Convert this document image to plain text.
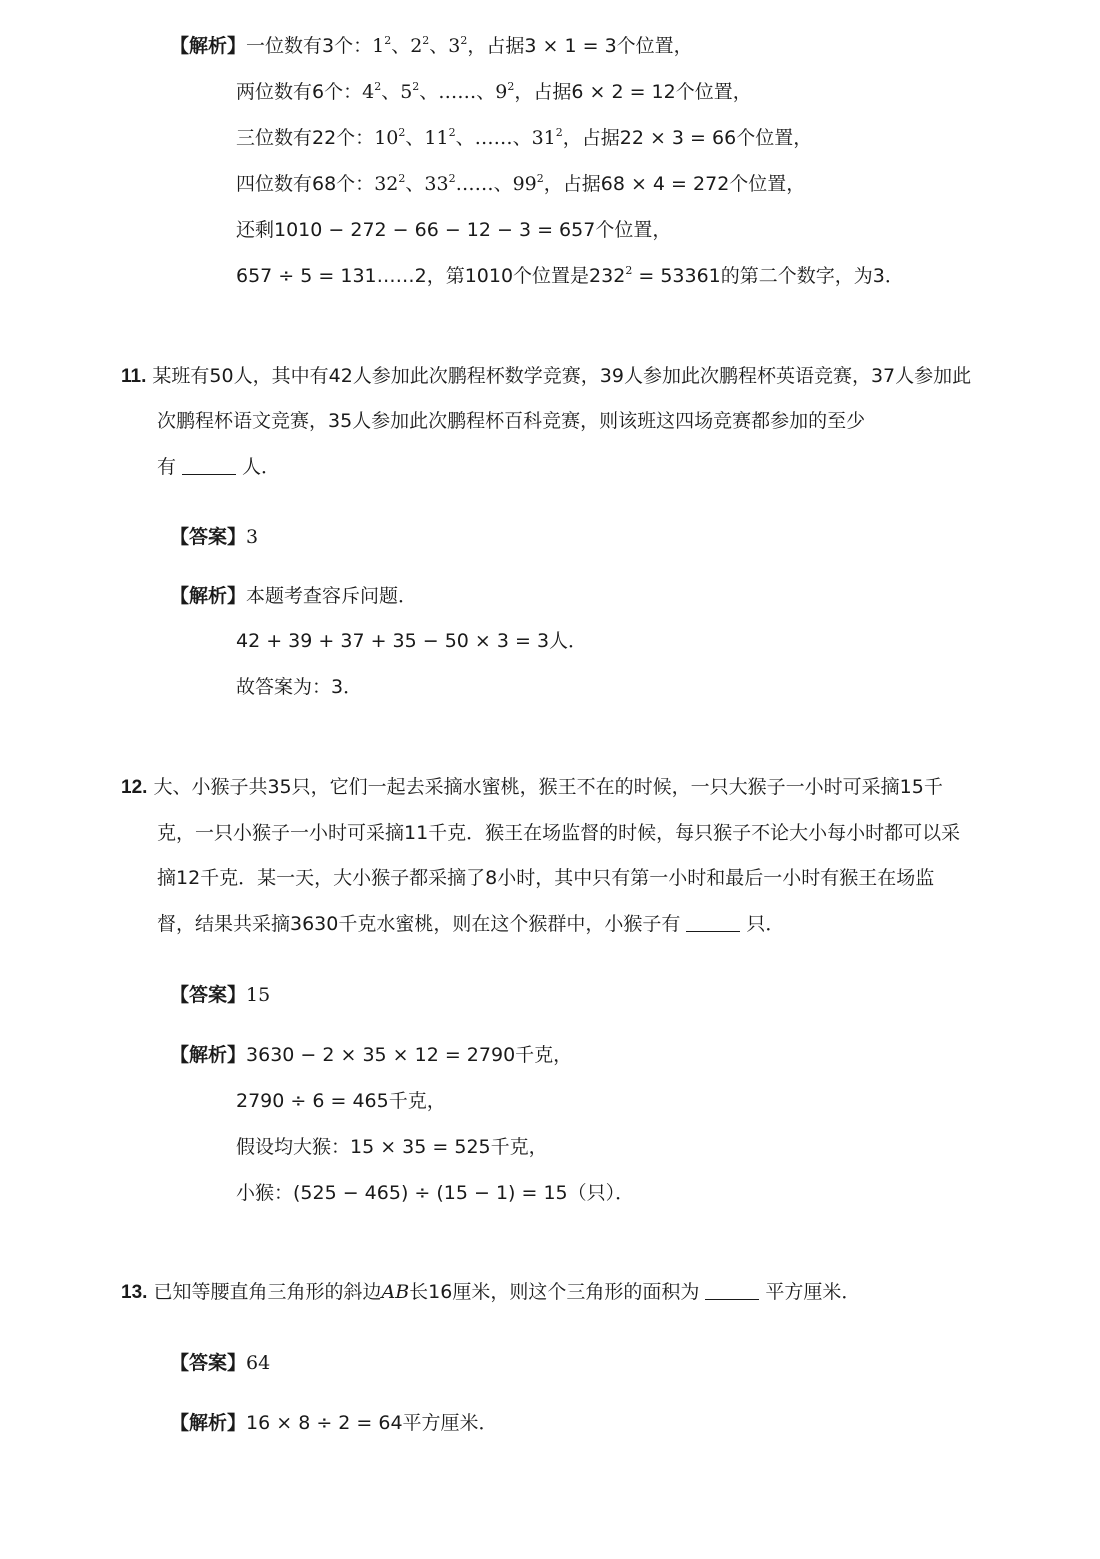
【解析】一位数有3个：$1^2$、$2^2$、$3^2$，占据3 × 1 = 3个位置，
两位数有6个：$4^2$、$5^2$、……、$9^2$，占据6 × 2 = 12个位置，
三位数有22个：$10^2$、$11^2$、……、$31^2$，占据22 × 3 = 66个位置，
四位数有68个：$32^2$、$33^2\dots\dots$、$99^2$，占据68 × 4 = 272个位置，
还剩1010 − 272 − 66 − 12 − 3 = 657个位置，
657 ÷ 5 = 131……2，第1010个位置是$232^2 = 53361$的第二个数字，为3．
11. 某班有50人，其中有42人参加此次鹏程杯数学竞赛，39人参加此次鹏程杯英语竞赛，37人参加此
次鹏程杯语文竞赛，35人参加此次鹏程杯百科竞赛，则该班这四场竞赛都参加的至少
有	人．
【答案】3
【解析】本题考查容斥问题．
42 + 39 + 37 + 35 − 50 × 3 = 3人．
故答案为：3．
12. 大、小猴子共35只，它们一起去采摘水蜜桃，猴王不在的时候，一只大猴子一小时可采摘15千
克，一只小猴子一小时可采摘11千克．猴王在场监督的时候，每只猴子不论大小每小时都可以采
摘12千克．某一天，大小猴子都采摘了8小时，其中只有第一小时和最后一小时有猴王在场监
督，结果共采摘3630千克水蜜桃，则在这个猴群中，小猴子有	只．
【答案】15
【解析】3630 − 2 × 35 × 12 = 2790千克，
2790 ÷ 6 = 465千克，
假设均大猴：15 × 35 = 525千克，
小猴：(525 − 465) ÷ (15 − 1) = 15（只）．
13. 已知等腰直角三角形的斜边AB长16厘米，则这个三角形的面积为	平方厘米．
【答案】64
【解析】16 × 8 ÷ 2 = 64平方厘米．
